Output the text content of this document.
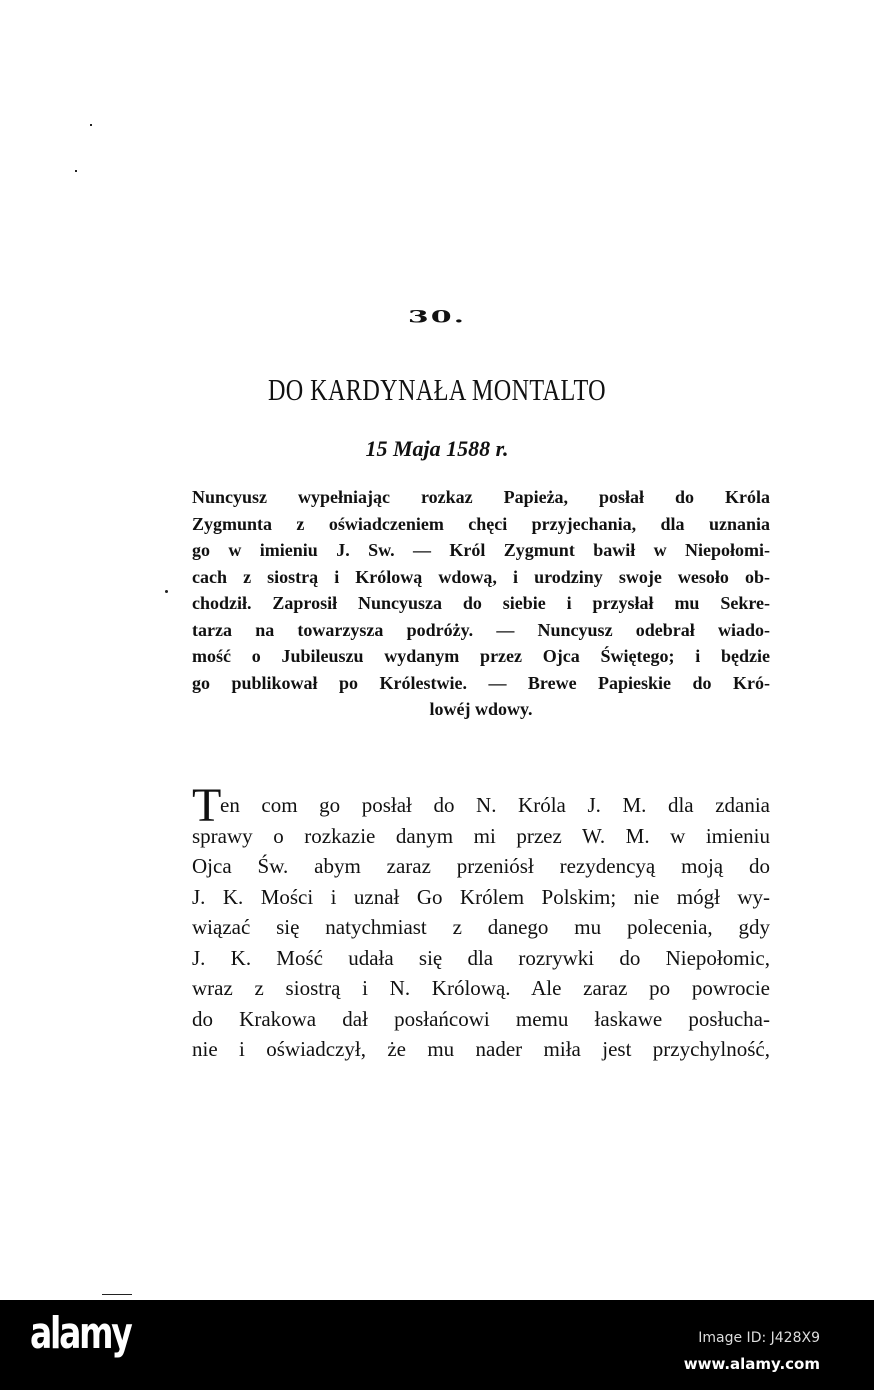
30.
DO KARDYNAŁA MONTALTO
15 Maja 1588 r.
Nuncyusz wypełniając rozkaz Papieża, posłał do Króla
Zygmunta z oświadczeniem chęci przyjechania, dla uznania
go w imieniu J. Sw. — Król Zygmunt bawił w Niepołomi-
cach z siostrą i Królową wdową, i urodziny swoje wesoło ob-
chodził. Zaprosił Nuncyusza do siebie i przysłał mu Sekre-
tarza na towarzysza podróży. — Nuncyusz odebrał wiado-
mość o Jubileuszu wydanym przez Ojca Świętego; i będzie
go publikował po Królestwie. — Brewe Papieskie do Kró-
lowéj wdowy.
T
en com go posłał do N. Króla J. M. dla zdania
sprawy o rozkazie danym mi przez W. M. w imieniu
Ojca Św. abym zaraz przeniósł rezydencyą moją do
J. K. Mości i uznał Go Królem Polskim; nie mógł wy-
wiązać się natychmiast z danego mu polecenia, gdy
J. K. Mość udała się dla rozrywki do Niepołomic,
wraz z siostrą i N. Królową. Ale zaraz po powrocie
do Krakowa dał posłańcowi memu łaskawe posłucha-
nie i oświadczył, że mu nader miła jest przychylność,
alamy	Image ID: J428X9
www.alamy.com
